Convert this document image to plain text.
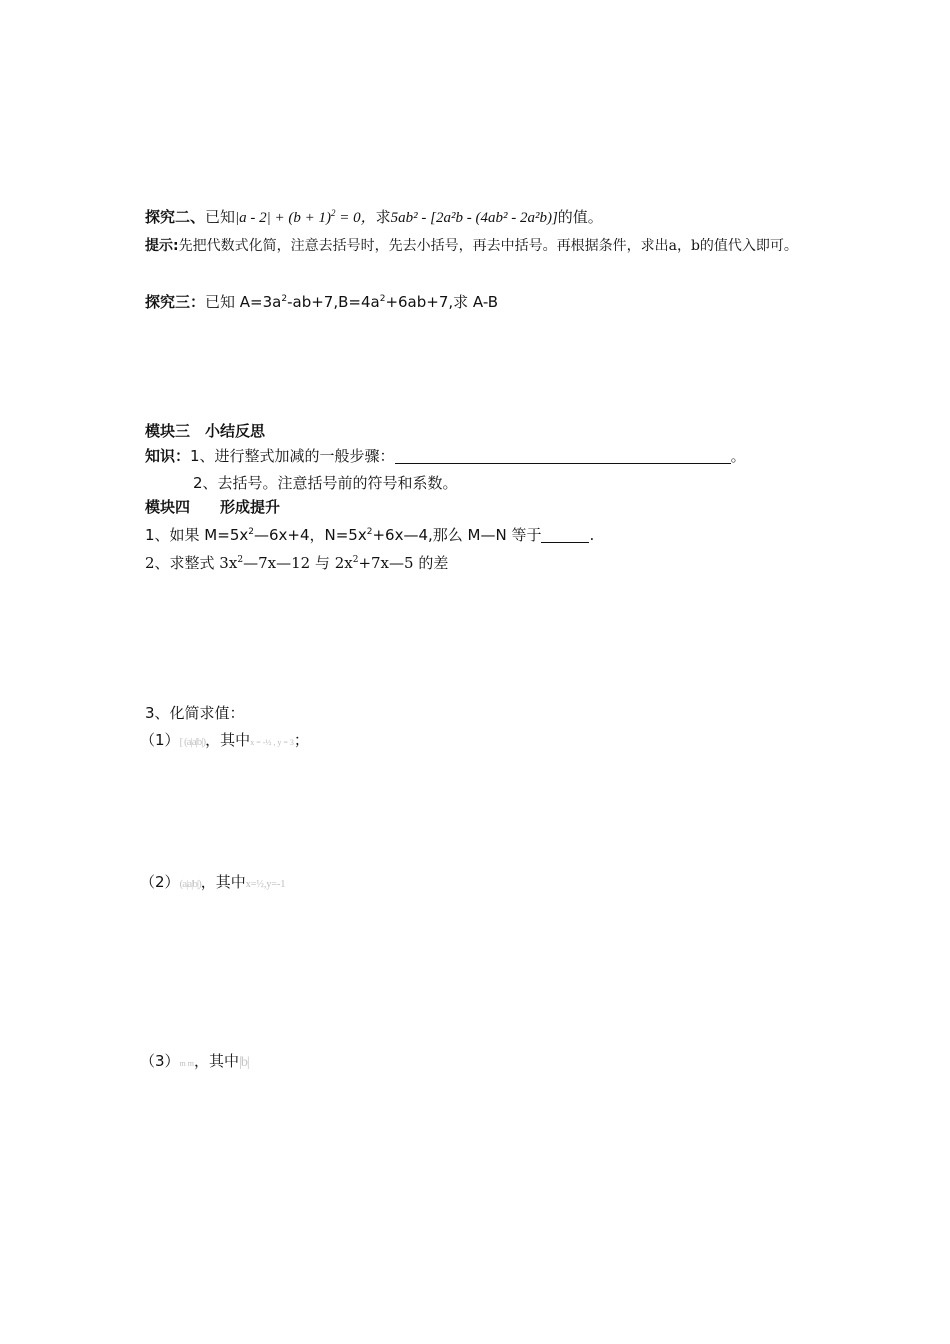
探究二、已知$|a - 2| + (b + 1)^2 = 0$，求5ab² - [2a²b - (4ab² - 2a²b)]的值。
提示:先把代数式化简，注意去括号时，先去小括号，再去中括号。再根据条件，求出a，b的值代入即可。
探究三：已知 $A=3a^2-ab+7,B=4a^2+6ab+7$,求 A-B
模块三　小结反思
知识：1、进行整式加减的一般步骤：	。
2、去括号。注意括号前的符号和系数。
模块四　　形成提升
1、如果 $M=5x^2—6x+4$，$N=5x^2+6x—4$,那么 M—N 等于	.
2、求整式 $3x^2—7x—12$ 与 $2x^2+7x—5$ 的差
3、化简求值：
（1）[ (a|a|b|)，其中x = -½ , y = 3；
（2）(a|a|b|)，其中x=½,y=-1
（3）m m，其中|b|
